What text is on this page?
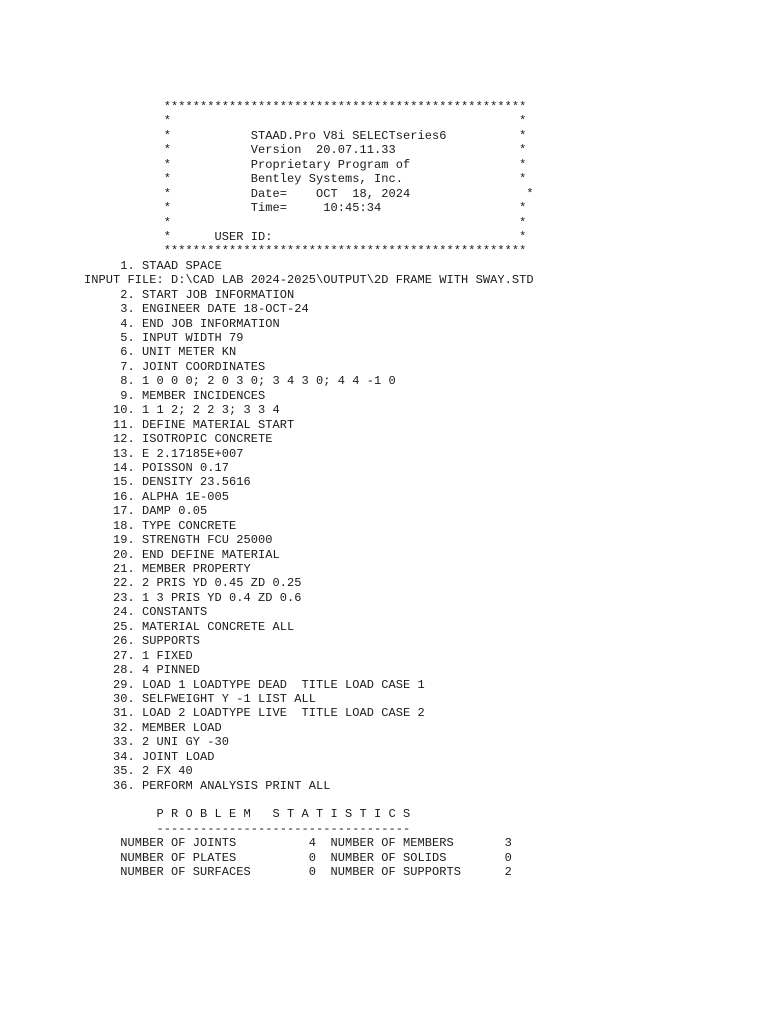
**************************************************
*                                                *
*           STAAD.Pro V8i SELECTseries6          *
*           Version  20.07.11.33                 *
*           Proprietary Program of               *
*           Bentley Systems, Inc.                *
*           Date=    OCT  18, 2024                *
*           Time=     10:45:34                   *
*                                                *
*      USER ID:                                  *
**************************************************
1. STAAD SPACE
INPUT FILE: D:\CAD LAB 2024-2025\OUTPUT\2D FRAME WITH SWAY.STD
2. START JOB INFORMATION
3. ENGINEER DATE 18-OCT-24
4. END JOB INFORMATION
5. INPUT WIDTH 79
6. UNIT METER KN
7. JOINT COORDINATES
8. 1 0 0 0; 2 0 3 0; 3 4 3 0; 4 4 -1 0
9. MEMBER INCIDENCES
10. 1 1 2; 2 2 3; 3 3 4
11. DEFINE MATERIAL START
12. ISOTROPIC CONCRETE
13. E 2.17185E+007
14. POISSON 0.17
15. DENSITY 23.5616
16. ALPHA 1E-005
17. DAMP 0.05
18. TYPE CONCRETE
19. STRENGTH FCU 25000
20. END DEFINE MATERIAL
21. MEMBER PROPERTY
22. 2 PRIS YD 0.45 ZD 0.25
23. 1 3 PRIS YD 0.4 ZD 0.6
24. CONSTANTS
25. MATERIAL CONCRETE ALL
26. SUPPORTS
27. 1 FIXED
28. 4 PINNED
29. LOAD 1 LOADTYPE DEAD  TITLE LOAD CASE 1
30. SELFWEIGHT Y -1 LIST ALL
31. LOAD 2 LOADTYPE LIVE  TITLE LOAD CASE 2
32. MEMBER LOAD
33. 2 UNI GY -30
34. JOINT LOAD
35. 2 FX 40
36. PERFORM ANALYSIS PRINT ALL
P R O B L E M   S T A T I S T I C S
-----------------------------------
NUMBER OF JOINTS          4  NUMBER OF MEMBERS       3
NUMBER OF PLATES          0  NUMBER OF SOLIDS        0
NUMBER OF SURFACES        0  NUMBER OF SUPPORTS      2
